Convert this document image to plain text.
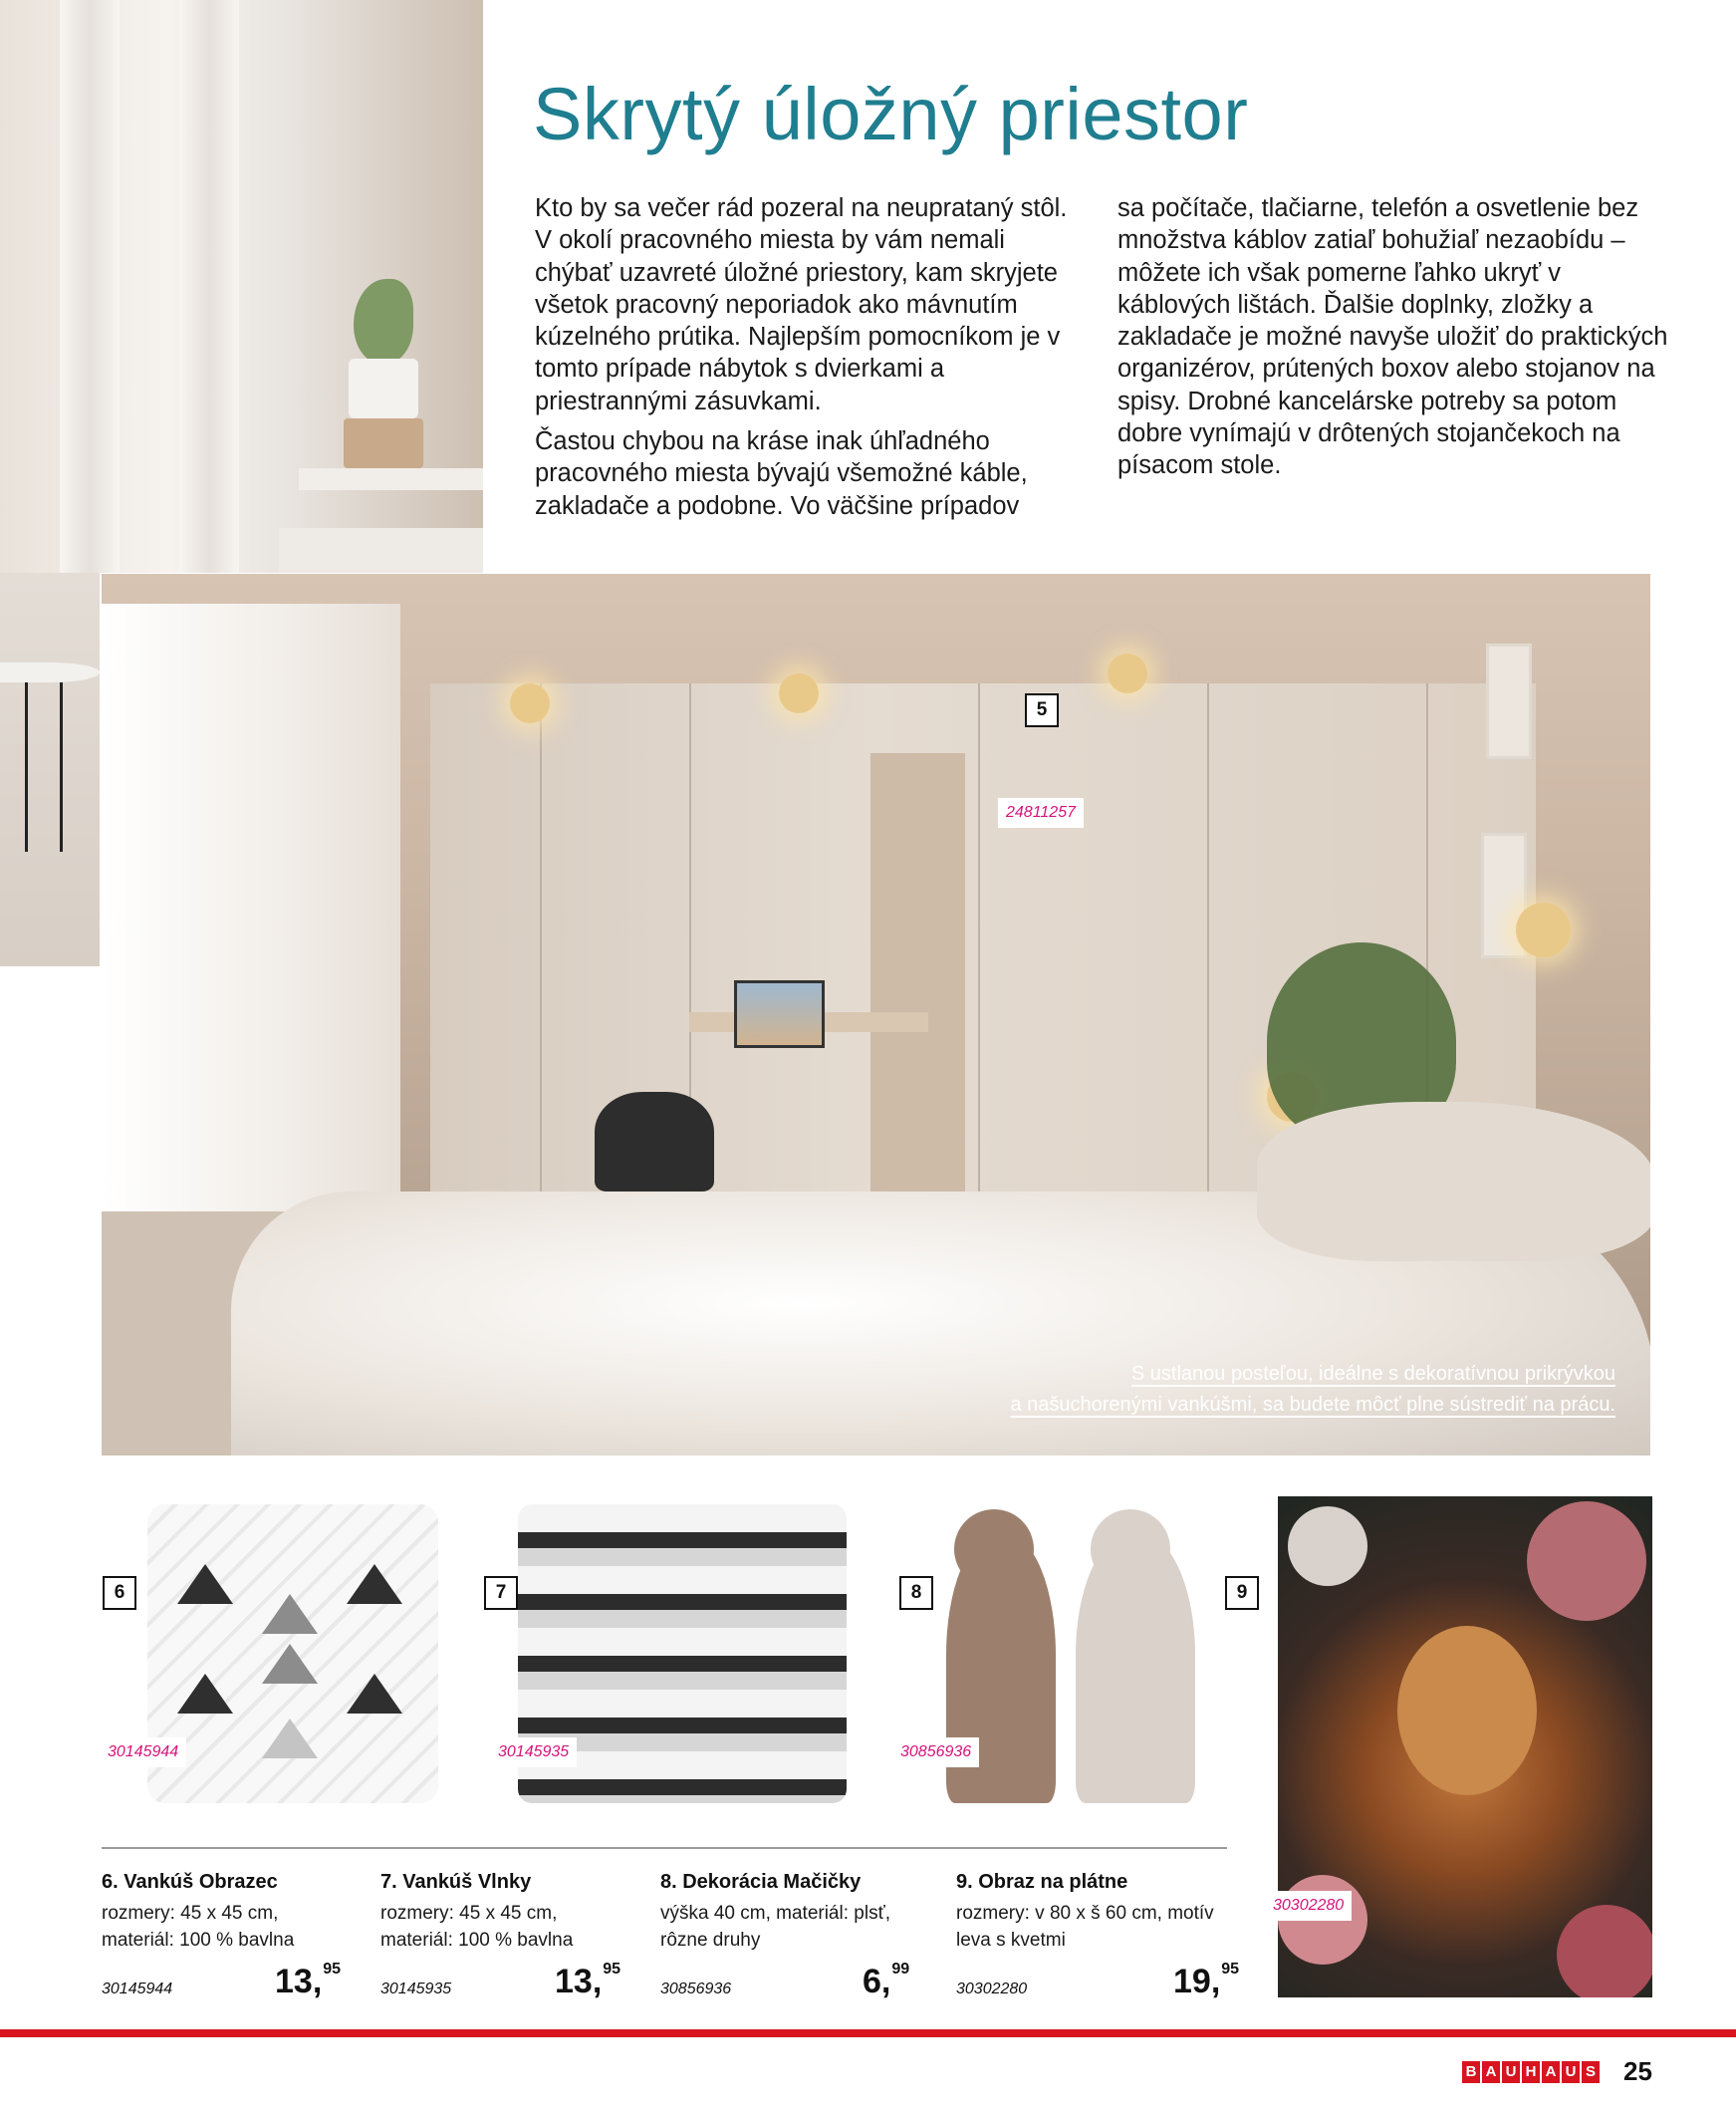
Skrytý úložný priestor

Kto by sa večer rád pozeral na neuprataný stôl. V okolí pracovného miesta by vám nemali chýbať uzavreté úložné priestory, kam skryjete všetok pracovný neporiadok ako mávnutím kúzelného prútika. Najlepším pomocníkom je v tomto prípade nábytok s dvierkami a priestrannými zásuvkami.

Častou chybou na kráse inak úhľadného pracovného miesta bývajú všemožné káble, zakladače a podobne. Vo väčšine prípadov

sa počítače, tlačiarne, telefón a osvetlenie bez množstva káblov zatiaľ bohužiaľ nezaobídu – môžete ich však pomerne ľahko ukryť v káblových lištách. Ďalšie doplnky, zložky a zakladače je možné navyše uložiť do praktických organizérov, prútených boxov alebo stojanov na spisy. Drobné kancelárske potreby sa potom dobre vynímajú v drôtených stojančekoch na písacom stole.

5
24811257
S ustlanou posteľou, ideálne s dekoratívnou prikrývkou
a našuchorenými vankúšmi, sa budete môcť plne sústrediť na prácu.
6	7	8	9
30145944	30145935	30856936
30302280
6. Vankúš Obrazec
rozmery: 45 x 45 cm,
materiál: 100 % bavlna
30145944	13,95
7. Vankúš Vlnky
rozmery: 45 x 45 cm,
materiál: 100 % bavlna
30145935	13,95
8. Dekorácia Mačičky
výška 40 cm, materiál: plsť,
rôzne druhy
30856936	6,99
9. Obraz na plátne
rozmery: v 80 x š 60 cm, motív
leva s kvetmi
30302280	19,95
B A U H A U S 25
